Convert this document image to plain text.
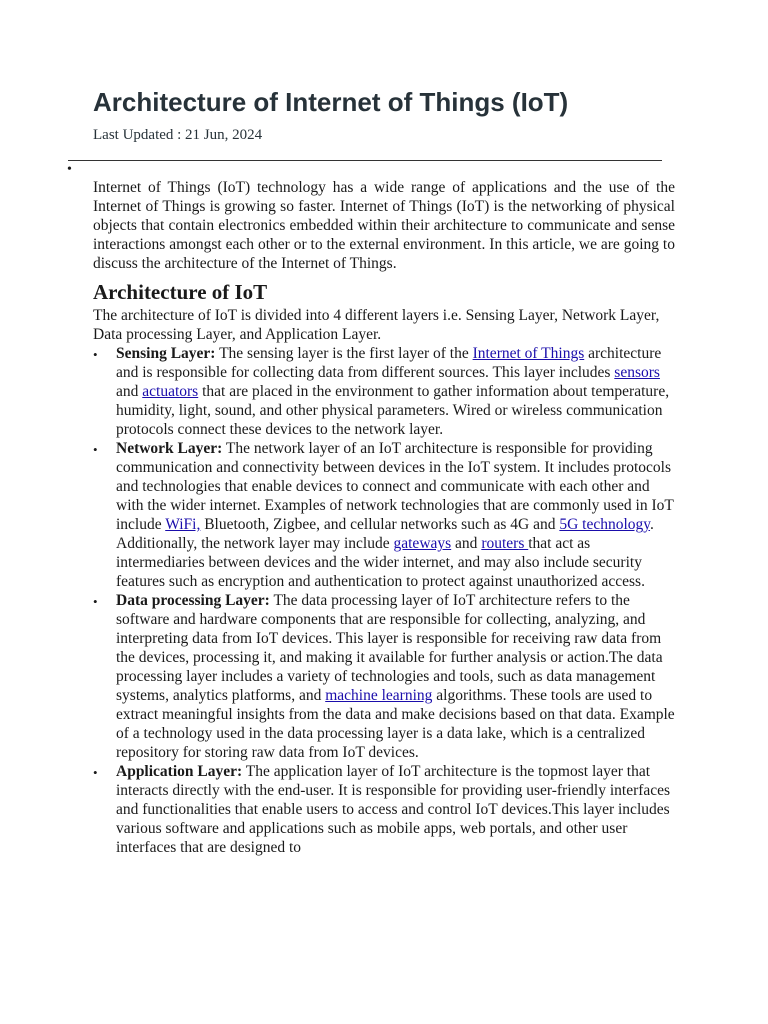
Architecture of Internet of Things (IoT)
Last Updated : 21 Jun, 2024
•

Internet of Things (IoT) technology has a wide range of applications and the use of the Internet of Things is growing so faster. Internet of Things (IoT) is the networking of physical objects that contain electronics embedded within their architecture to communicate and sense interactions amongst each other or to the external environment. In this article, we are going to discuss the architecture of the Internet of Things.

Architecture of IoT

The architecture of IoT is divided into 4 different layers i.e. Sensing Layer, Network Layer, Data processing Layer, and Application Layer.

• Sensing Layer: The sensing layer is the first layer of the Internet of Things architecture and is responsible for collecting data from different sources. This layer includes sensors and actuators that are placed in the environment to gather information about temperature, humidity, light, sound, and other physical parameters. Wired or wireless communication protocols connect these devices to the network layer.
• Network Layer: The network layer of an IoT architecture is responsible for providing communication and connectivity between devices in the IoT system. It includes protocols and technologies that enable devices to connect and communicate with each other and with the wider internet. Examples of network technologies that are commonly used in IoT include WiFi, Bluetooth, Zigbee, and cellular networks such as 4G and 5G technology. Additionally, the network layer may include gateways and routers that act as intermediaries between devices and the wider internet, and may also include security features such as encryption and authentication to protect against unauthorized access.
• Data processing Layer: The data processing layer of IoT architecture refers to the software and hardware components that are responsible for collecting, analyzing, and interpreting data from IoT devices. This layer is responsible for receiving raw data from the devices, processing it, and making it available for further analysis or action.The data processing layer includes a variety of technologies and tools, such as data management systems, analytics platforms, and machine learning algorithms. These tools are used to extract meaningful insights from the data and make decisions based on that data. Example of a technology used in the data processing layer is a data lake, which is a centralized repository for storing raw data from IoT devices.
• Application Layer: The application layer of IoT architecture is the topmost layer that interacts directly with the end-user. It is responsible for providing user-friendly interfaces and functionalities that enable users to access and control IoT devices.This layer includes various software and applications such as mobile apps, web portals, and other user interfaces that are designed to
